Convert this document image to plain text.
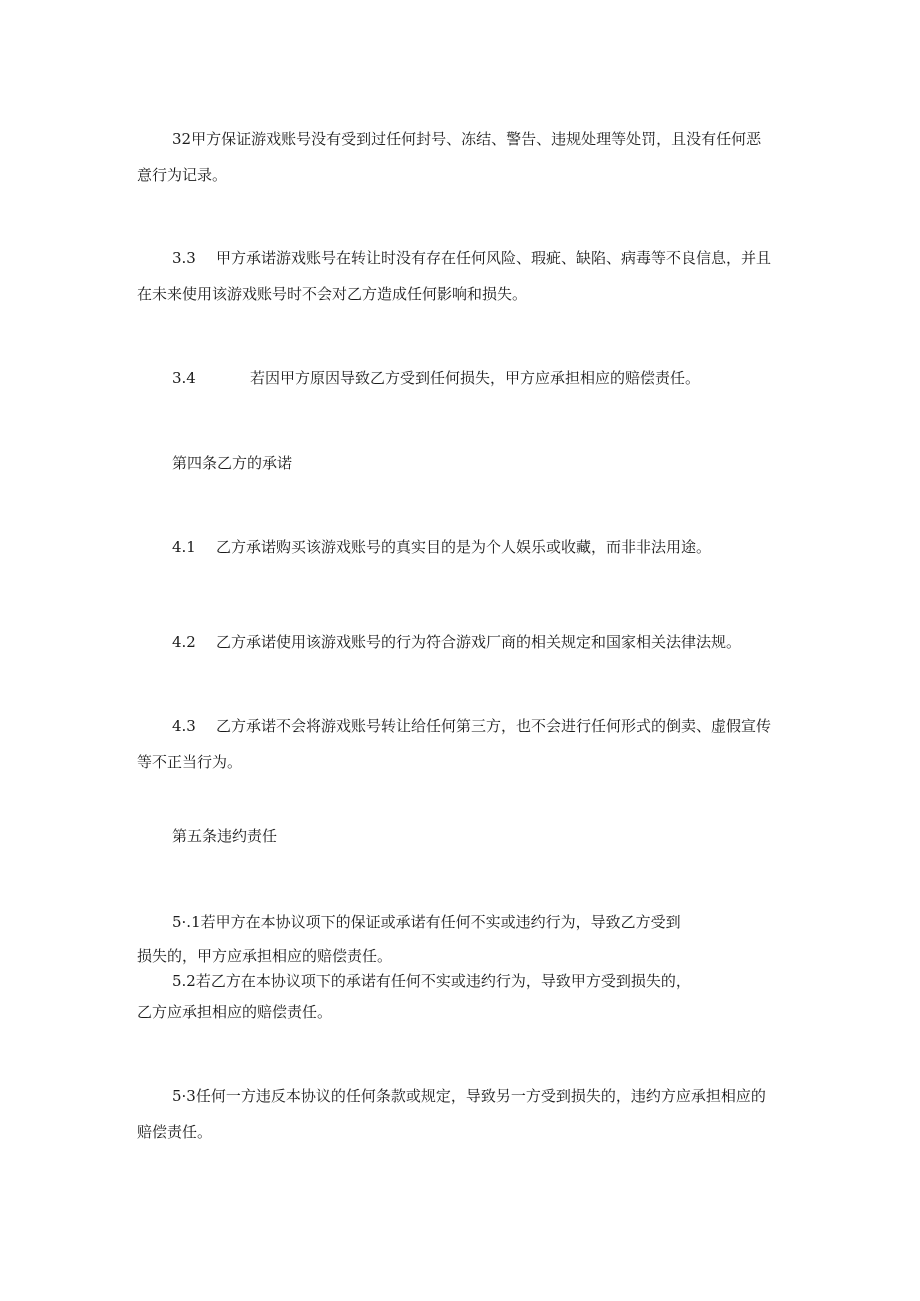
32甲方保证游戏账号没有受到过任何封号、冻结、警告、违规处理等处罚，且没有任何恶

意行为记录。

3.3 甲方承诺游戏账号在转让时没有存在任何风险、瑕疵、缺陷、病毒等不良信息，并且

在未来使用该游戏账号时不会对乙方造成任何影响和损失。

3.4	若因甲方原因导致乙方受到任何损失，甲方应承担相应的赔偿责任。

第四条乙方的承诺

4.1 乙方承诺购买该游戏账号的真实目的是为个人娱乐或收藏，而非非法用途。

4.2 乙方承诺使用该游戏账号的行为符合游戏厂商的相关规定和国家相关法律法规。

4.3 乙方承诺不会将游戏账号转让给任何第三方，也不会进行任何形式的倒卖、虚假宣传

等不正当行为。

第五条违约责任

5·.1若甲方在本协议项下的保证或承诺有任何不实或违约行为，导致乙方受到

损失的，甲方应承担相应的赔偿责任。

5.2若乙方在本协议项下的承诺有任何不实或违约行为，导致甲方受到损失的，

乙方应承担相应的赔偿责任。

5·3任何一方违反本协议的任何条款或规定，导致另一方受到损失的，违约方应承担相应的

赔偿责任。
